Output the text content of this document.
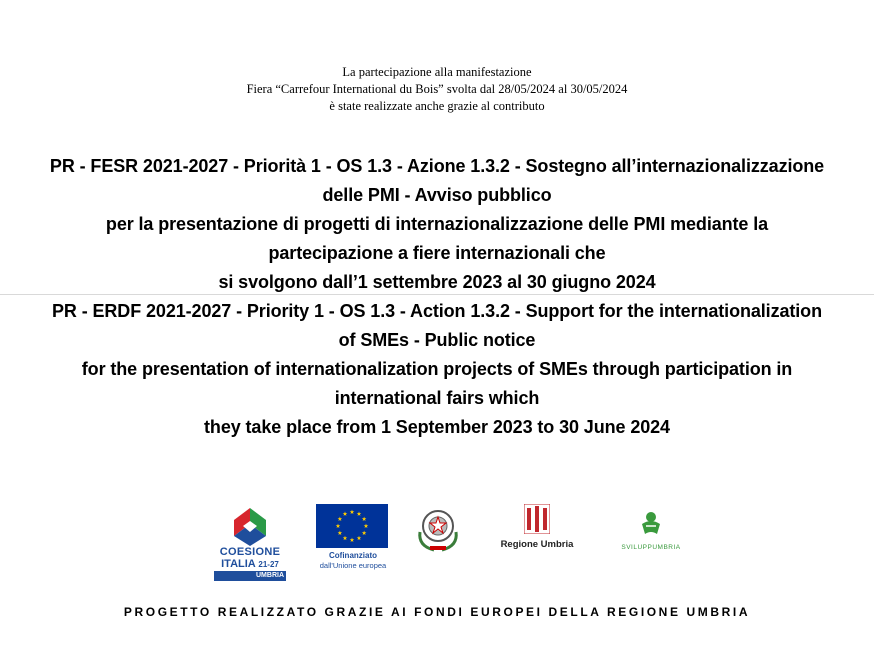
La partecipazione alla manifestazione
Fiera “Carrefour International du Bois” svolta dal 28/05/2024 al 30/05/2024
è state realizzate anche grazie al contributo
PR - FESR 2021-2027 - Priorità 1 - OS 1.3 - Azione 1.3.2 - Sostegno all’internazionalizzazione
delle PMI - Avviso pubblico
per la presentazione di progetti di internazionalizzazione delle PMI mediante la
partecipazione a fiere internazionali che
si svolgono dall’1 settembre 2023 al 30 giugno 2024
PR - ERDF 2021-2027 - Priority 1 - OS 1.3 - Action 1.3.2 - Support for the internationalization
of SMEs - Public notice
for the presentation of internationalization projects of SMEs through participation in
international fairs which
they take place from 1 September 2023 to 30 June 2024
COESIONE
ITALIA 21-27
UMBRIA
Cofinanziato
dall'Unione europea
Regione Umbria	SVILUPPUMBRIA
PROGETTO REALIZZATO GRAZIE AI FONDI EUROPEI DELLA REGIONE UMBRIA
